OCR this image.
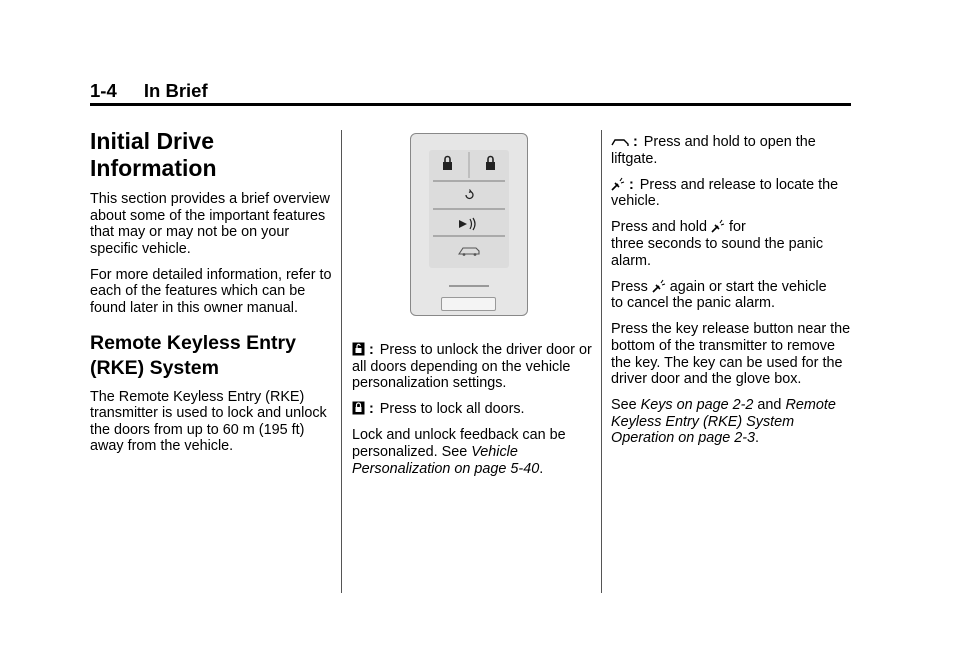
1-4 In Brief
Initial Drive Information

This section provides a brief overview about some of the important features that may or may not be on your specific vehicle.

For more detailed information, refer to each of the features which can be found later in this owner manual.

Remote Keyless Entry (RKE) System

The Remote Keyless Entry (RKE) transmitter is used to lock and unlock the doors from up to 60 m (195 ft) away from the vehicle.

: Press to unlock the driver door or all doors depending on the vehicle personalization settings.

: Press to lock all doors.

Lock and unlock feedback can be personalized. See Vehicle Personalization on page 5-40.

: Press and hold to open the liftgate.

: Press and release to locate the vehicle.

Press and hold for
three seconds to sound the panic alarm.

Press again or start the vehicle
to cancel the panic alarm.

Press the key release button near the bottom of the transmitter to remove the key. The key can be used for the driver door and the glove box.

See Keys on page 2-2 and Remote Keyless Entry (RKE) System Operation on page 2-3.
